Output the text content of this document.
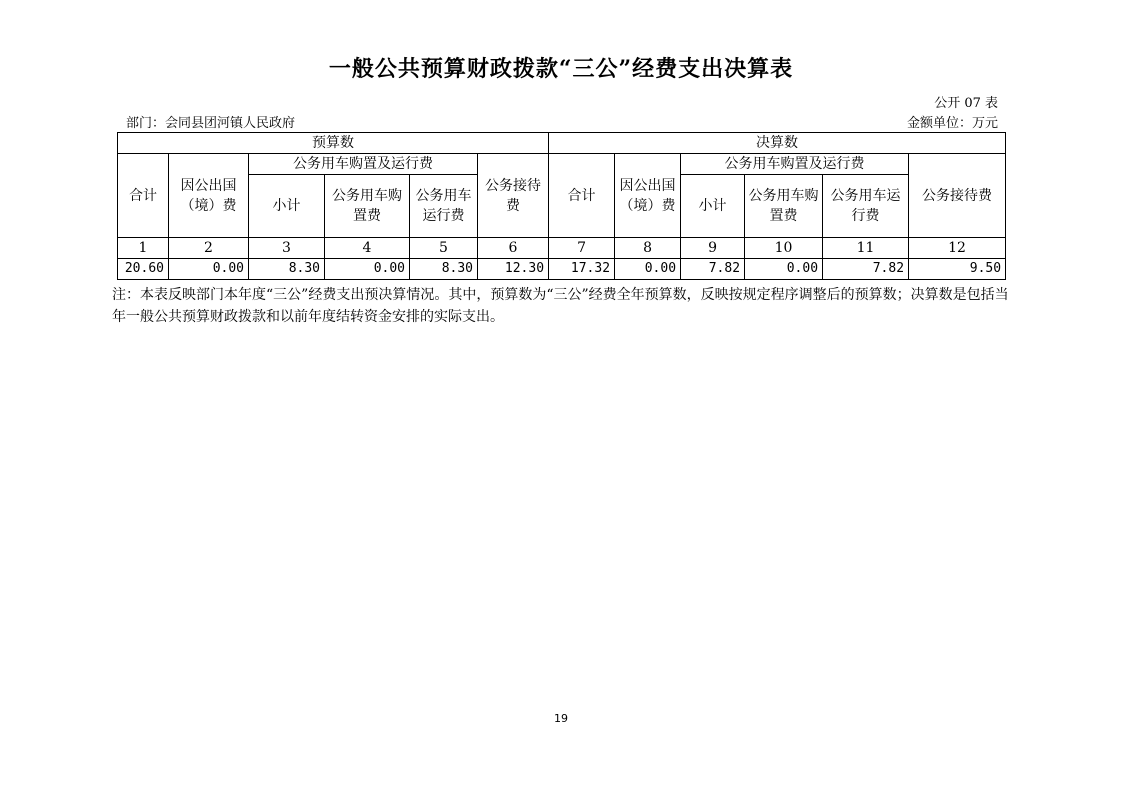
一般公共预算财政拨款“三公”经费支出决算表
公开 07 表
部门：会同县团河镇人民政府	金额单位：万元
预算数						决算数					
合计	因公出国（境）费	公务用车购置及运行费			公务接待费	合计	因公出国（境）费	公务用车购置及运行费			公务接待费
		小计	公务用车购置费	公务用车运行费				小计	公务用车购置费	公务用车运行费	
1	2	3	4	5	6	7	8	9	10	11	12
20.60	0.00	8.30	0.00	8.30	12.30	17.32	0.00	7.82	0.00	7.82	9.50
注：本表反映部门本年度“三公”经费支出预决算情况。其中，预算数为“三公”经费全年预算数，反映按规定程序调整后的预算数；决算数是包括当年一般公共预算财政拨款和以前年度结转资金安排的实际支出。
19
